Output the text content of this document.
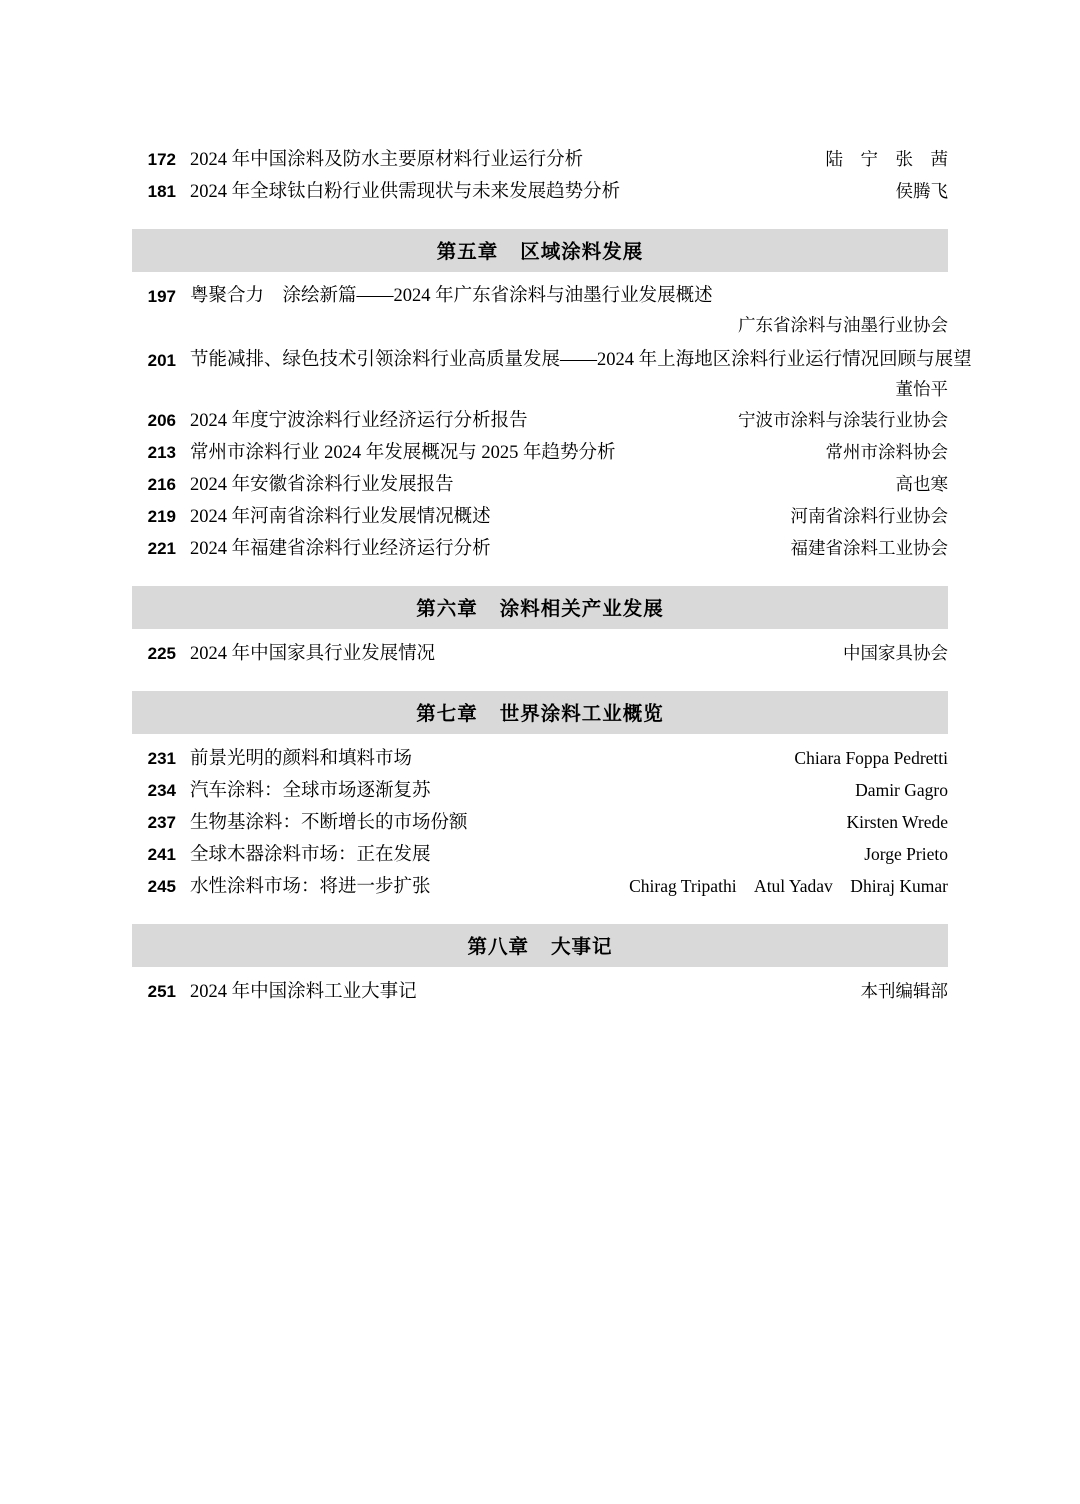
172 2024 年中国涂料及防水主要原材料行业运行分析	陆　宁　张　茜
181 2024 年全球钛白粉行业供需现状与未来发展趋势分析	侯腾飞
第五章 区域涂料发展
197 粤聚合力　涂绘新篇——2024 年广东省涂料与油墨行业发展概述
广东省涂料与油墨行业协会
201 节能减排、绿色技术引领涂料行业高质量发展——2024 年上海地区涂料行业运行情况回顾与展望
董怡平
206 2024 年度宁波涂料行业经济运行分析报告	宁波市涂料与涂装行业协会
213 常州市涂料行业 2024 年发展概况与 2025 年趋势分析	常州市涂料协会
216 2024 年安徽省涂料行业发展报告	高也寒
219 2024 年河南省涂料行业发展情况概述	河南省涂料行业协会
221 2024 年福建省涂料行业经济运行分析	福建省涂料工业协会
第六章 涂料相关产业发展
225 2024 年中国家具行业发展情况	中国家具协会
第七章 世界涂料工业概览
231 前景光明的颜料和填料市场	Chiara Foppa Pedretti
234 汽车涂料：全球市场逐渐复苏	Damir Gagro
237 生物基涂料：不断增长的市场份额	Kirsten Wrede
241 全球木器涂料市场：正在发展	Jorge Prieto
245 水性涂料市场：将进一步扩张	Chirag Tripathi　Atul Yadav　Dhiraj Kumar
第八章 大事记
251 2024 年中国涂料工业大事记	本刊编辑部
